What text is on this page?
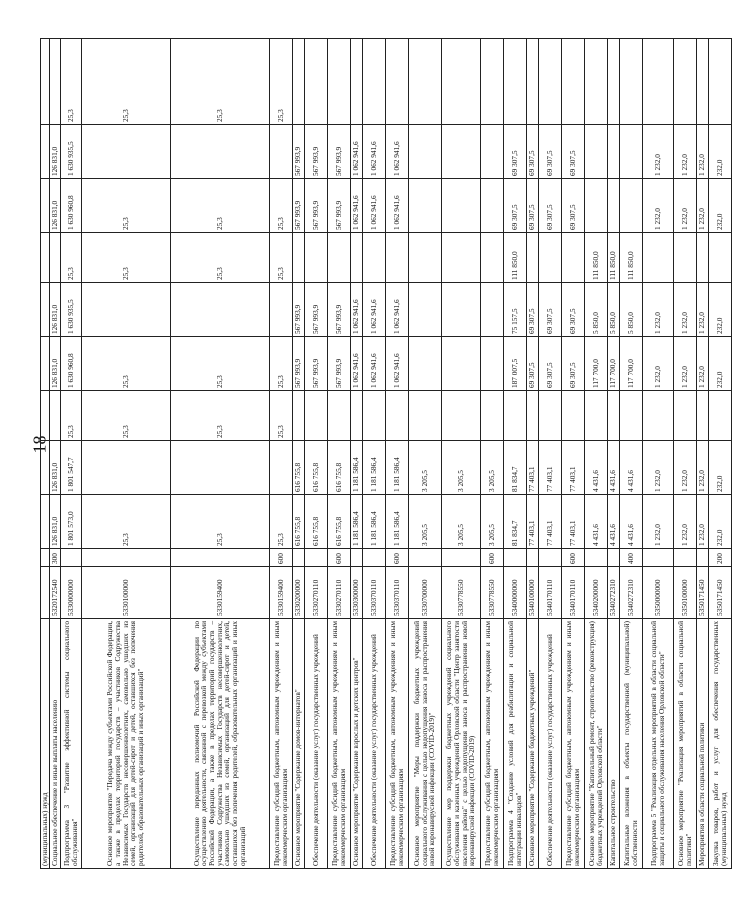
18
(муниципальных) нужд											
Социальное обеспечение и иные выплаты населению	5320172540	300	126 831,0	126 831,0		126 831,0	126 831,0		126 831,0	126 831,0	
Подпрограмма 3 "Развитие эффективной системы социального обслуживания"	5330000000		1 801 573,0	1 801 547,7	25,3	1 630 960,8	1 630 935,5	25,3	1 630 960,8	1 630 935,5	25,3
Основное мероприятие "Передача между субъектами Российской Федерации, а также в пределах территорий государств – участников Содружества Независимых Государств несовершеннолетних, самовольно ушедших из семей, организаций для детей-сирот и детей, оставшихся без попечения родителей, образовательных организаций и иных организаций"	5330100000		25,3		25,3	25,3		25,3	25,3		25,3
Осуществление переданных полномочий Российской Федерации по осуществлению деятельности, связанной с перевозкой между субъектами Российской Федерации, а также в пределах территорий государств – участников Содружества Независимых Государств несовершеннолетних, самовольно ушедших из семей, организаций для детей-сирот и детей, оставшихся без попечения родителей, образовательных организаций и иных организаций	5330159400		25,3		25,3	25,3		25,3	25,3		25,3
Предоставление субсидий бюджетным, автономным учреждениям и иным некоммерческим организациям	5330159400	600	25,3		25,3	25,3		25,3	25,3		25,3
Основное мероприятие "Содержание домов-интернатов"	5330200000		616 755,8	616 755,8		567 993,9	567 993,9		567 993,9	567 993,9	
Обеспечение деятельности (оказание услуг) государственных учреждений	5330270110		616 755,8	616 755,8		567 993,9	567 993,9		567 993,9	567 993,9	
Предоставление субсидий бюджетным, автономным учреждениям и иным некоммерческим организациям	5330270110	600	616 755,8	616 755,8		567 993,9	567 993,9		567 993,9	567 993,9	
Основное мероприятие "Содержание взрослых и детских центров"	5330300000		1 181 586,4	1 181 586,4		1 062 941,6	1 062 941,6		1 062 941,6	1 062 941,6	
Обеспечение деятельности (оказание услуг) государственных учреждений	5330370110		1 181 586,4	1 181 586,4		1 062 941,6	1 062 941,6		1 062 941,6	1 062 941,6	
Предоставление субсидий бюджетным, автономным учреждениям и иным некоммерческим организациям	5330370110	600	1 181 586,4	1 181 586,4		1 062 941,6	1 062 941,6		1 062 941,6	1 062 941,6	
Основное мероприятие "Меры поддержки бюджетных учреждений социального обслуживания с целью недопущения заноса и распространения новой коронавирусной инфекции (COVID-2019)"	5330700000		3 205,5	3 205,5							
Осуществление мер поддержки бюджетных учреждений социального обслуживания и казенных учреждений Орловской области "Центр занятости населения района" с целью недопущения заноса и распространения новой коронавирусной инфекции (COVID-2019)	5330778550		3 205,5	3 205,5							
Предоставление субсидий бюджетным, автономным учреждениям и иным некоммерческим организациям	5330778550	600	3 205,5	3 205,5							
Подпрограмма 4 "Создание условий для реабилитации и социальной интеграции инвалидов"	5340000000		81 834,7	81 834,7		187 007,5	75 157,5	111 850,0	69 307,5	69 307,5	
Основное мероприятие "Содержание бюджетных учреждений"	5340100000		77 403,1	77 403,1		69 307,5	69 307,5		69 307,5	69 307,5	
Обеспечение деятельности (оказание услуг) государственных учреждений	5340170110		77 403,1	77 403,1		69 307,5	69 307,5		69 307,5	69 307,5	
Предоставление субсидий бюджетным, автономным учреждениям и иным некоммерческим организациям	5340170110	600	77 403,1	77 403,1		69 307,5	69 307,5		69 307,5	69 307,5	
Основное мероприятие "Капитальный ремонт, строительство (реконструкция) бюджетных учреждений Орловской области"	5340200000		4 431,6	4 431,6		117 700,0	5 850,0	111 850,0			
Капитальное строительство	5340272310		4 431,6	4 431,6		117 700,0	5 850,0	111 850,0			
Капитальные вложения в объекты государственной (муниципальной) собственности	5340272310	400	4 431,6	4 431,6		117 700,0	5 850,0	111 850,0			
Подпрограмма 5 "Реализация отдельных мероприятий в области социальной защиты и социального обслуживания населения Орловской области"	5350000000		1 232,0	1 232,0		1 232,0	1 232,0		1 232,0	1 232,0	
Основное мероприятие "Реализация мероприятий в области социальной политики"	5350100000		1 232,0	1 232,0		1 232,0	1 232,0		1 232,0	1 232,0	
Мероприятия в области социальной политики	5350171450		1 232,0	1 232,0		1 232,0	1 232,0		1 232,0	1 232,0	
Закупка товаров, работ и услуг для обеспечения государственных (муниципальных) нужд	5350171450	200	232,0	232,0		232,0	232,0		232,0	232,0	
